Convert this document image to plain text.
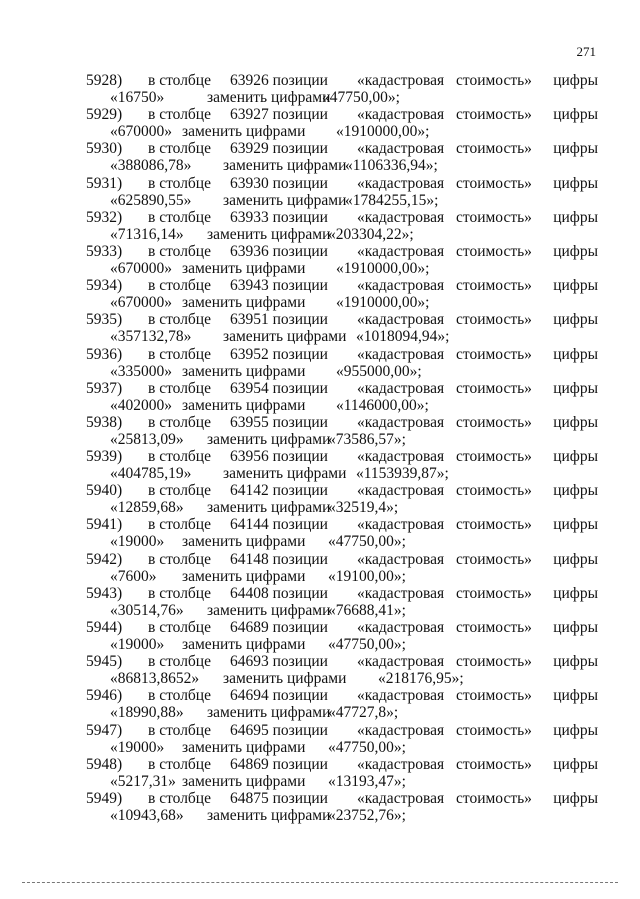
271
5928) в столбце 63926 позиции «кадастровая стоимость» цифры
«16750»	заменить цифрами
«47750,00»;
5929) в столбце 63927 позиции «кадастровая стоимость» цифры
«670000» заменить цифрами «1910000,00»;
5930) в столбце 63929 позиции «кадастровая стоимость» цифры
«388086,78» заменить цифрами
«1106336,94»;
5931) в столбце 63930 позиции «кадастровая стоимость» цифры
«625890,55» заменить цифрами
«1784255,15»;
5932) в столбце 63933 позиции «кадастровая стоимость» цифры
«71316,14» заменить цифрами
«203304,22»;
5933) в столбце 63936 позиции «кадастровая стоимость» цифры
«670000» заменить цифрами «1910000,00»;
5934) в столбце 63943 позиции «кадастровая стоимость» цифры
«670000» заменить цифрами «1910000,00»;
5935) в столбце 63951 позиции «кадастровая стоимость» цифры
«357132,78» заменить цифрами «1018094,94»;
5936) в столбце 63952 позиции «кадастровая стоимость» цифры
«335000» заменить цифрами «955000,00»;
5937) в столбце 63954 позиции «кадастровая стоимость» цифры
«402000» заменить цифрами «1146000,00»;
5938) в столбце 63955 позиции «кадастровая стоимость» цифры
«25813,09» заменить цифрами
«73586,57»;
5939) в столбце 63956 позиции «кадастровая стоимость» цифры
«404785,19» заменить цифрами «1153939,87»;
5940) в столбце 64142 позиции «кадастровая стоимость» цифры
«12859,68» заменить цифрами
«32519,4»;
5941) в столбце 64144 позиции «кадастровая стоимость» цифры
«19000» заменить цифрами «47750,00»;
5942) в столбце 64148 позиции «кадастровая стоимость» цифры
«7600» заменить цифрами «19100,00»;
5943) в столбце 64408 позиции «кадастровая стоимость» цифры
«30514,76» заменить цифрами
«76688,41»;
5944) в столбце 64689 позиции «кадастровая стоимость» цифры
«19000» заменить цифрами «47750,00»;
5945) в столбце 64693 позиции «кадастровая стоимость» цифры
«86813,8652» заменить цифрами «218176,95»;
5946) в столбце 64694 позиции «кадастровая стоимость» цифры
«18990,88» заменить цифрами
«47727,8»;
5947) в столбце 64695 позиции «кадастровая стоимость» цифры
«19000» заменить цифрами «47750,00»;
5948) в столбце 64869 позиции «кадастровая стоимость» цифры
«5217,31» заменить цифрами «13193,47»;
5949) в столбце 64875 позиции «кадастровая стоимость» цифры
«10943,68» заменить цифрами
«23752,76»;
